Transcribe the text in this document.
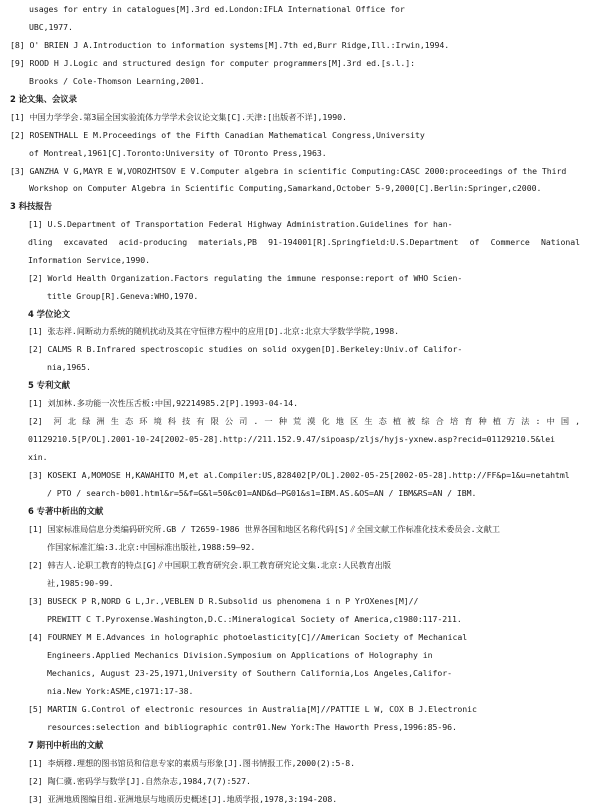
usages for entry in catalogues[M].3rd ed.London:IFLA International Office for
UBC,1977.
[8] O' BRIEN J A.Introduction to information systems[M].7th ed,Burr Ridge,Ill.:Irwin,1994.
[9] ROOD H J.Logic and structured design for computer programmers[M].3rd ed.[s.l.]:
Brooks / Cole-Thomson Learning,2001.
2 论文集、会议录
[1] 中国力学学会.第3届全国实验流体力学学术会议论文集[C].天津:[出版者不详],1990.
[2] ROSENTHALL E M.Proceedings of the Fifth Canadian Mathematical Congress,University
of Montreal,1961[C].Toronto:University of TOronto Press,1963.
[3] GANZHA V G,MAYR E W,VOROZHTSOV E V.Computer algebra in scientific Computing:CASC 2000:proceedings of the Third
Workshop on Computer Algebra in Scientific Computing,Samarkand,October 5-9,2000[C].Berlin:Springer,c2000.
3 科技报告
[1] U.S.Department of Transportation Federal Highway Administration.Guidelines for han-
dling excavated acid-producing materials,PB 91-194001[R].Springfield:U.S.Department of Commerce National
Information Service,1990.
[2] World Health Organization.Factors regulating the immune response:report of WHO Scien-
title Group[R].Geneva:WHO,1970.
4 学位论文
[1] 张志祥.间断动力系统的随机扰动及其在守恒律方程中的应用[D].北京:北京大学数学学院,1998.
[2] CALMS R B.Infrared spectroscopic studies on solid oxygen[D].Berkeley:Univ.of Califor-
nia,1965.
5 专利文献
[1] 刘加林.多功能一次性压舌板:中国,92214985.2[P].1993-04-14.
[2] 河北绿洲生态环境科技有限公司.一种荒漠化地区生态植被综合培育种植方法:中国,
01129210.5[P/OL].2001-10-24[2002-05-28].http://211.152.9.47/sipoasp/zljs/hyjs-yxnew.asp?recid=01129210.5&lei
xin.
[3] KOSEKI A,MOMOSE H,KAWAHITO M,et al.Compiler:US,828402[P/OL].2002-05-25[2002-05-28].http://FF&p=1&u=netahtml
/ PTO / search-b001.html&r=5&f=G&l=50&c01=AND&d—PG01&s1=IBM.AS.&OS=AN / IBM&RS=AN / IBM.
6 专著中析出的文献
[1] 国家标准局信息分类编码研究所.GB / T2659-1986 世界各国和地区名称代码[S]∥全国文献工作标准化技术委员会.文献工
作国家标准汇编:3.北京:中国标准出版社,1988:59—92.
[2] 韩吉人.论职工教育的特点[G]∥中国职工教育研究会.职工教育研究论文集.北京:人民教育出版
社,1985:90-99.
[3] BUSECK P R,NORD G L,Jr.,VEBLEN D R.Subsolid us phenomena i n P YrOXenes[M]//
PREWITT C T.Pyroxense.Washington,D.C.:Mineralogical Society of America,c1980:117-211.
[4] FOURNEY M E.Advances in holographic photoelasticity[C]//American Society of Mechanical
Engineers.Applied Mechanics Division.Symposium on Applications of Holography in
Mechanics, August 23-25,1971,University of Southern California,Los Angeles,Califor-
nia.New York:ASME,c1971:17-38.
[5] MARTIN G.Control of electronic resources in Australia[M]//PATTIE L W, COX B J.Electronic
resources:selection and bibliographic contr01.New York:The Haworth Press,1996:85-96.
7 期刊中析出的文献
[1] 李炳穆.理想的图书馆员和信息专家的素质与形象[J].图书情报工作,2000(2):5-8.
[2] 陶仁骥.密码学与数学[J].自然杂志,1984,7(7):527.
[3] 亚洲地质图编目组.亚洲地层与地质历史概述[J].地质学报,1978,3:194-208.
